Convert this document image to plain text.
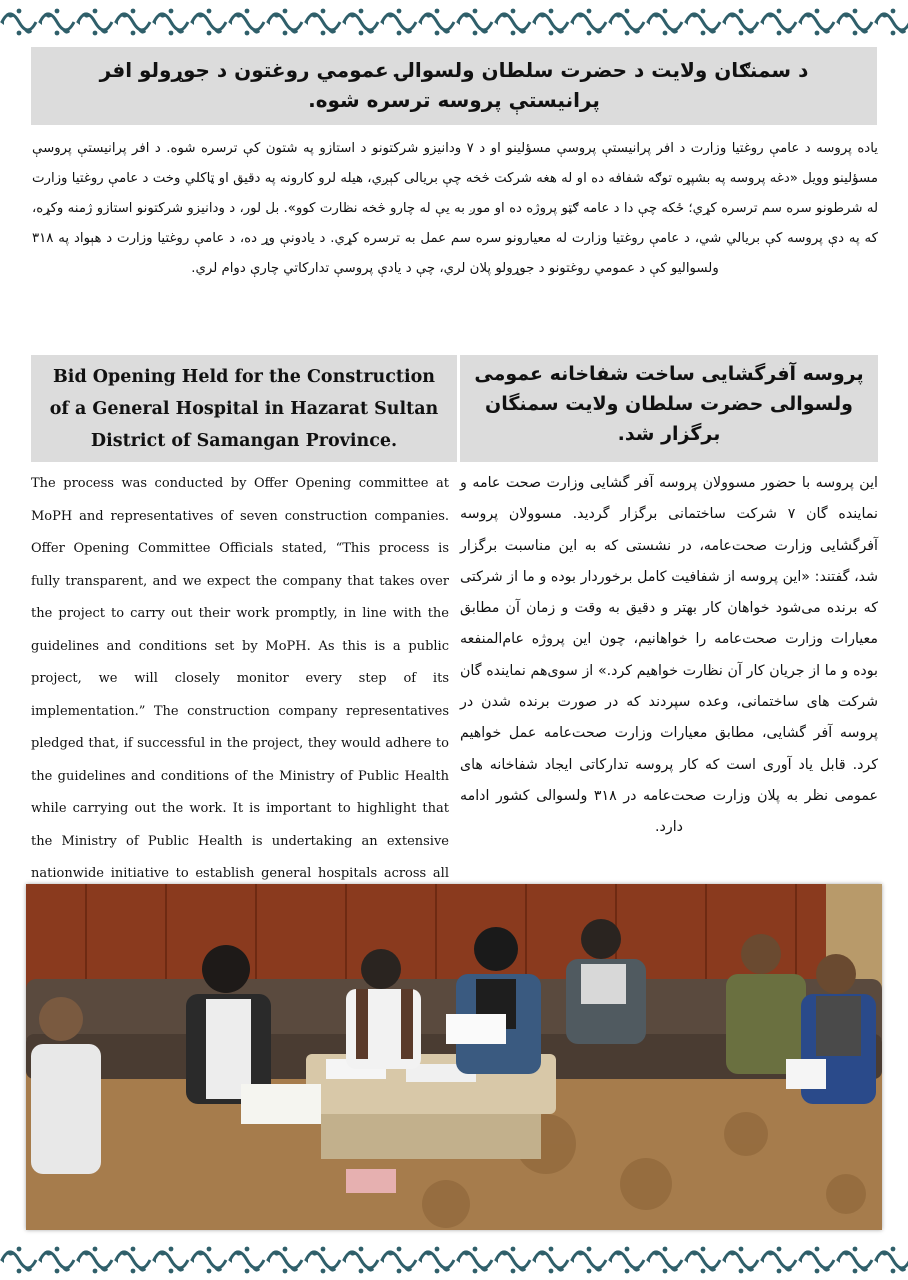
د سمنګان ولایت د حضرت سلطان ولسوالۍ عمومي روغتون د جوړولو افر پرانیستې پروسه ترسره شوه.
یاده پروسه د عامې روغتیا وزارت د افر پرانیستې پروسې مسؤلینو او د ۷ ودانیزو شرکتونو د استازو په شتون کې ترسره شوه. د افر پرانیستې پروسې مسؤلینو وویل «دغه پروسه په بشپړه توګه شفافه ده او له هغه شرکت څخه چې بریالی کېږي، هیله لرو کارونه په دقیق او ټاکلي وخت د عامې روغتیا وزارت له شرطونو سره سم ترسره کړي؛ ځکه چې دا د عامه ګټو پروژه ده او موږ به یې له چارو څخه نظارت کوو». بل لور، د ودانیزو شرکتونو استازو ژمنه وکړه، که په دې پروسه کې بریالي شي، د عامې روغتیا وزارت له معیارونو سره سم عمل به ترسره کړي. د یادونې وړ ده، د عامې روغتیا وزارت د هېواد په ۳۱۸ ولسوالیو کې د عمومي روغتونو د جوړولو پلان لري، چې د یادې پروسې تدارکاتي چارې دوام لري.
Bid Opening Held for the Construction of a General Hospital in Hazarat Sultan District of Samangan Province.
پروسه آفرگشایی ساخت شفاخانه عمومی ولسوالی حضرت سلطان ولایت سمنگان برگزار شد.
The process was conducted by Offer Opening committee at MoPH and representatives of seven construction companies. Offer Opening Committee Officials stated, “This process is fully transparent, and we expect the company that takes over the project to carry out their work promptly, in line with the guidelines and conditions set by MoPH. As this is a public project, we will closely monitor every step of its implementation.” The construction company representatives pledged that, if successful in the project, they would adhere to the guidelines and conditions of the Ministry of Public Health while carrying out the work. It is important to highlight that the Ministry of Public Health is undertaking an extensive nationwide initiative to establish general hospitals across all
این پروسه با حضور مسوولان پروسه آفر گشایی وزارت صحت عامه و نماینده گان ۷ شرکت ساختمانی برگزار گردید. مسوولان پروسه آفرگشایی وزارت صحت‌عامه، در نشستی که به این مناسبت برگزار شد، گفتند: «این پروسه از شفافیت کامل برخوردار بوده و ما از شرکتی که برنده می‌شود خواهان کار بهتر و دقیق به وقت و زمان آن مطابق معیارات وزارت صحت‌عامه را خواهانیم، چون این پروژه عام‌المنفعه بوده و ما از جریان کار آن نظارت خواهیم کرد.» از سوی‌هم نماینده گان شرکت های ساختمانی، وعده سپردند که در صورت برنده شدن در پروسه آفر گشایی، مطابق معیارات وزارت صحت‌عامه عمل خواهیم کرد. قابل یاد آوری است که کار پروسه تدارکاتی ایجاد شفاخانه های عمومی نظر به پلان وزارت صحت‌عامه در ۳۱۸ ولسوالی کشور ادامه دارد.
